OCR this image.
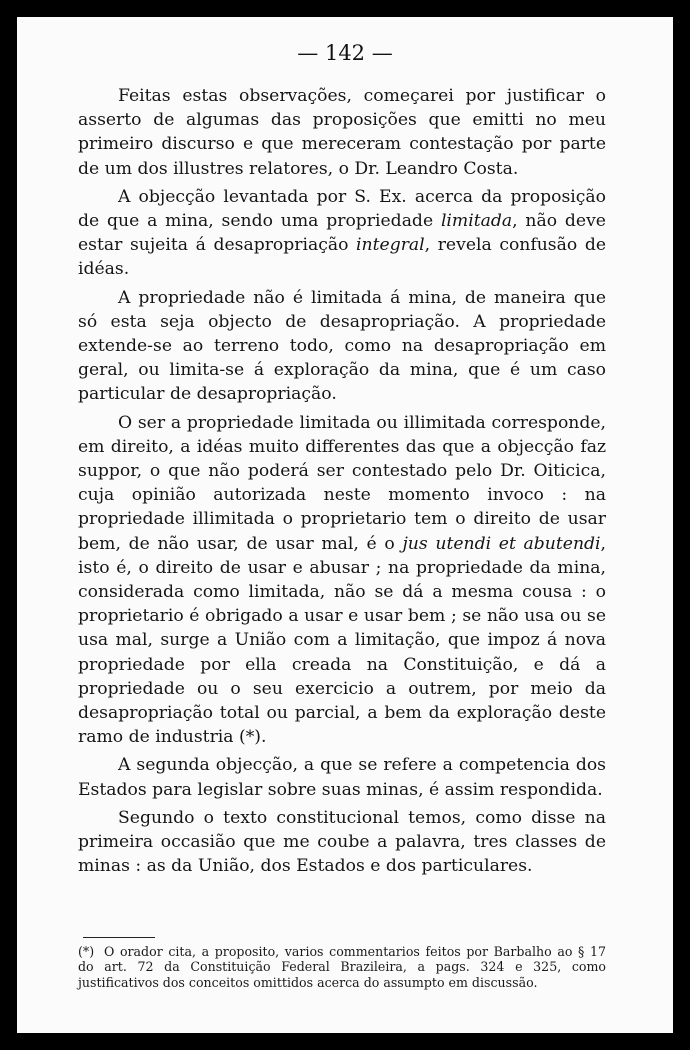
— 142 —

Feitas estas observações, começarei por justificar o asserto de algumas das proposições que emitti no meu primeiro discurso e que mereceram contestação por parte de um dos illustres relatores, o Dr. Leandro Costa.

A objecção levantada por S. Ex. acerca da proposição de que a mina, sendo uma propriedade limitada, não deve estar sujeita á desapropriação integral, revela confusão de idéas.

A propriedade não é limitada á mina, de maneira que só esta seja objecto de desapropriação. A propriedade extende-se ao terreno todo, como na desapropriação em geral, ou limita-se á exploração da mina, que é um caso particular de desapropriação.

O ser a propriedade limitada ou illimitada corresponde, em direito, a idéas muito differentes das que a objecção faz suppor, o que não poderá ser contestado pelo Dr. Oiticica, cuja opinião autorizada neste momento invoco : na propriedade illimitada o proprietario tem o direito de usar bem, de não usar, de usar mal, é o jus utendi et abutendi, isto é, o direito de usar e abusar ; na propriedade da mina, considerada como limitada, não se dá a mesma cousa : o proprietario é obrigado a usar e usar bem ; se não usa ou se usa mal, surge a União com a limitação, que impoz á nova propriedade por ella creada na Constituição, e dá a propriedade ou o seu exercicio a outrem, por meio da desapropriação total ou parcial, a bem da exploração deste ramo de industria (*).

A segunda objecção, a que se refere a competencia dos Estados para legislar sobre suas minas, é assim respondida.

Segundo o texto constitucional temos, como disse na primeira occasião que me coube a palavra, tres classes de minas : as da União, dos Estados e dos particulares.

(*) O orador cita, a proposito, varios commentarios feitos por Barbalho ao § 17 do art. 72 da Constituição Federal Brazileira, a pags. 324 e 325, como justificativos dos conceitos omittidos acerca do assumpto em discussão.
